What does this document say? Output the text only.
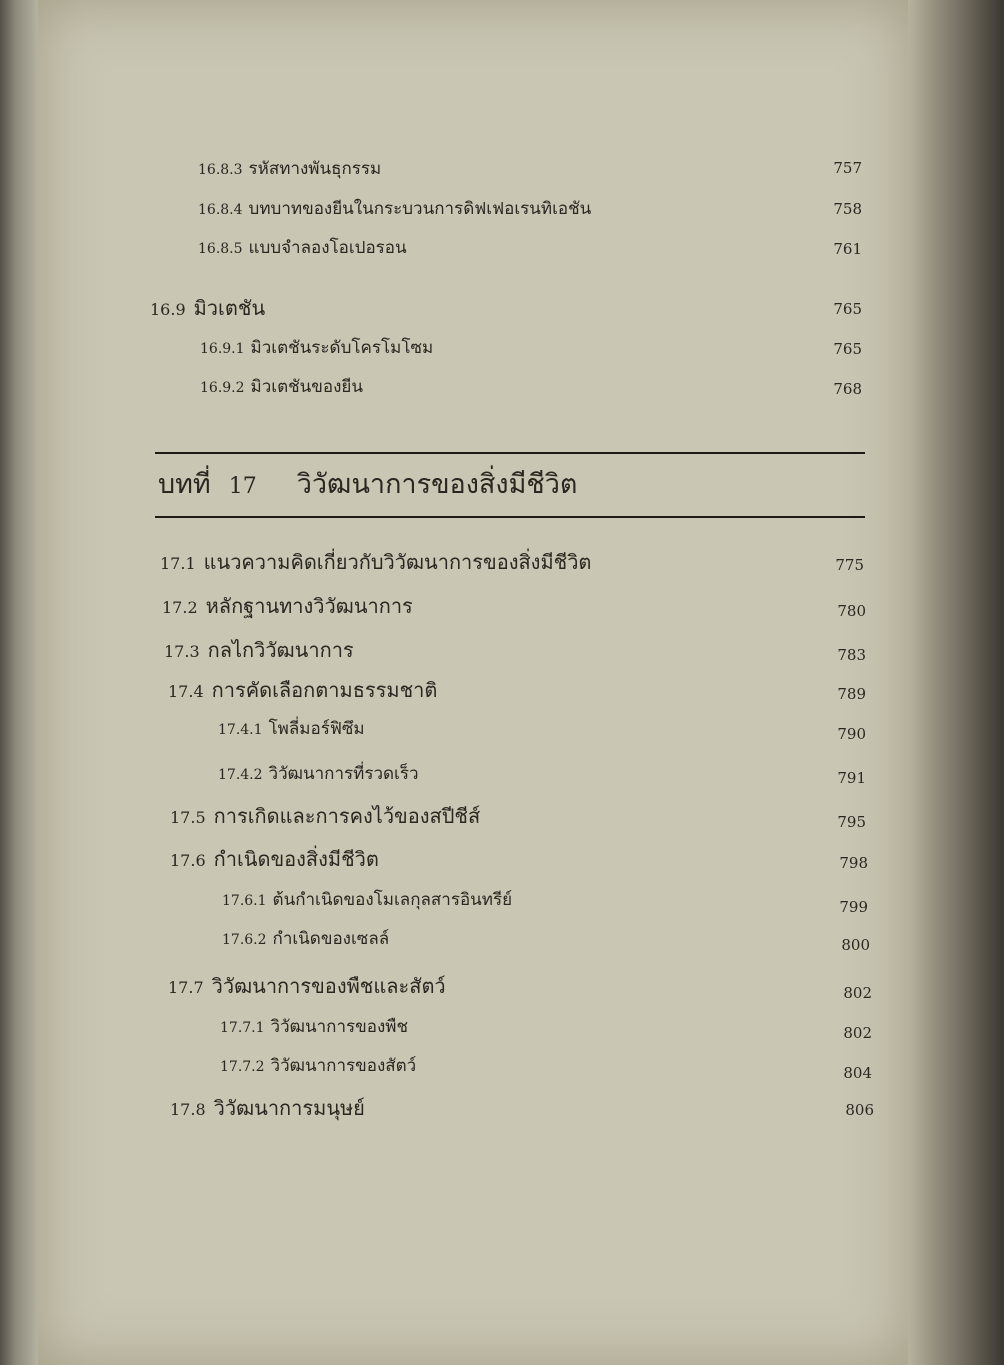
16.8.3 รหัสทางพันธุกรรม	757
16.8.4 บทบาทของยีนในกระบวนการดิฟเฟอเรนทิเอชัน	758
16.8.5 แบบจำลองโอเปอรอน	761
16.9 มิวเตชัน	765
16.9.1 มิวเตชันระดับโครโมโซม	765
16.9.2 มิวเตชันของยีน	768
บทที่ 17 วิวัฒนาการของสิ่งมีชีวิต
17.1 แนวความคิดเกี่ยวกับวิวัฒนาการของสิ่งมีชีวิต	775
17.2 หลักฐานทางวิวัฒนาการ	780
17.3 กลไกวิวัฒนาการ	783
17.4 การคัดเลือกตามธรรมชาติ	789
17.4.1 โพลี่มอร์ฟิซึม	790
17.4.2 วิวัฒนาการที่รวดเร็ว	791
17.5 การเกิดและการคงไว้ของสปีชีส์	795
17.6 กำเนิดของสิ่งมีชีวิต	798
17.6.1 ต้นกำเนิดของโมเลกุลสารอินทรีย์	799
17.6.2 กำเนิดของเซลล์	800
17.7 วิวัฒนาการของพืชและสัตว์	802
17.7.1 วิวัฒนาการของพืช	802
17.7.2 วิวัฒนาการของสัตว์	804
17.8 วิวัฒนาการมนุษย์	806
